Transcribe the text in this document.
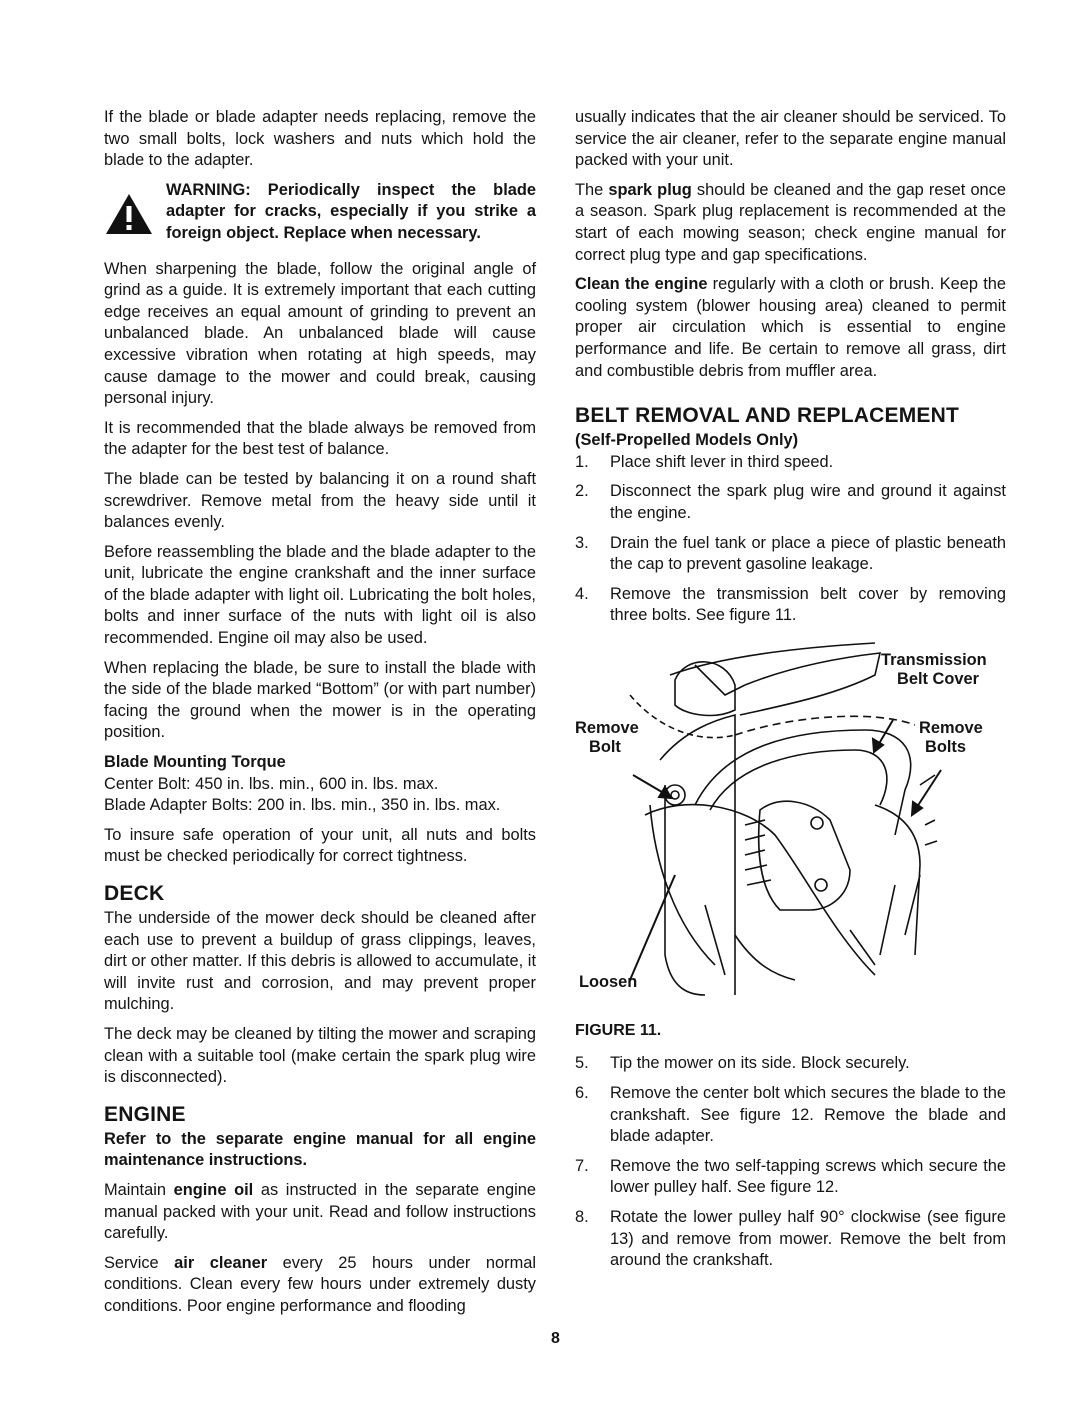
If the blade or blade adapter needs replacing, remove the two small bolts, lock washers and nuts which hold the blade to the adapter.

WARNING: Periodically inspect the blade adapter for cracks, especially if you strike a foreign object. Replace when necessary.

When sharpening the blade, follow the original angle of grind as a guide. It is extremely important that each cutting edge receives an equal amount of grinding to prevent an unbalanced blade. An unbalanced blade will cause excessive vibration when rotating at high speeds, may cause damage to the mower and could break, causing personal injury.

It is recommended that the blade always be removed from the adapter for the best test of balance.

The blade can be tested by balancing it on a round shaft screwdriver. Remove metal from the heavy side until it balances evenly.

Before reassembling the blade and the blade adapter to the unit, lubricate the engine crankshaft and the inner surface of the blade adapter with light oil. Lubricating the bolt holes, bolts and inner surface of the nuts with light oil is also recommended. Engine oil may also be used.

When replacing the blade, be sure to install the blade with the side of the blade marked “Bottom” (or with part number) facing the ground when the mower is in the operating position.

Blade Mounting Torque
Center Bolt: 450 in. lbs. min., 600 in. lbs. max.
Blade Adapter Bolts: 200 in. lbs. min., 350 in. lbs. max.

To insure safe operation of your unit, all nuts and bolts must be checked periodically for correct tightness.

DECK

The underside of the mower deck should be cleaned after each use to prevent a buildup of grass clippings, leaves, dirt or other matter. If this debris is allowed to accumulate, it will invite rust and corrosion, and may prevent proper mulching.

The deck may be cleaned by tilting the mower and scraping clean with a suitable tool (make certain the spark plug wire is disconnected).

ENGINE

Refer to the separate engine manual for all engine maintenance instructions.

Maintain engine oil as instructed in the separate engine manual packed with your unit. Read and follow instructions carefully.

Service air cleaner every 25 hours under normal conditions. Clean every few hours under extremely dusty conditions. Poor engine performance and flooding

usually indicates that the air cleaner should be serviced. To service the air cleaner, refer to the separate engine manual packed with your unit.

The spark plug should be cleaned and the gap reset once a season. Spark plug replacement is recommended at the start of each mowing season; check engine manual for correct plug type and gap specifications.

Clean the engine regularly with a cloth or brush. Keep the cooling system (blower housing area) cleaned to permit proper air circulation which is essential to engine performance and life. Be certain to remove all grass, dirt and combustible debris from muffler area.

BELT REMOVAL AND REPLACEMENT
(Self-Propelled Models Only)
1.	Place shift lever in third speed.
2.	Disconnect the spark plug wire and ground it against the engine.
3.	Drain the fuel tank or place a piece of plastic beneath the cap to prevent gasoline leakage.
4.	Remove the transmission belt cover by removing three bolts. See figure 11.
Transmission
Belt Cover
Remove
Bolt
Remove
Bolts
Loosen
FIGURE 11.
5.	Tip the mower on its side. Block securely.
6.	Remove the center bolt which secures the blade to the crankshaft. See figure 12. Remove the blade and blade adapter.
7.	Remove the two self-tapping screws which secure the lower pulley half. See figure 12.
8.	Rotate the lower pulley half 90° clockwise (see figure 13) and remove from mower. Remove the belt from around the crankshaft.
8
